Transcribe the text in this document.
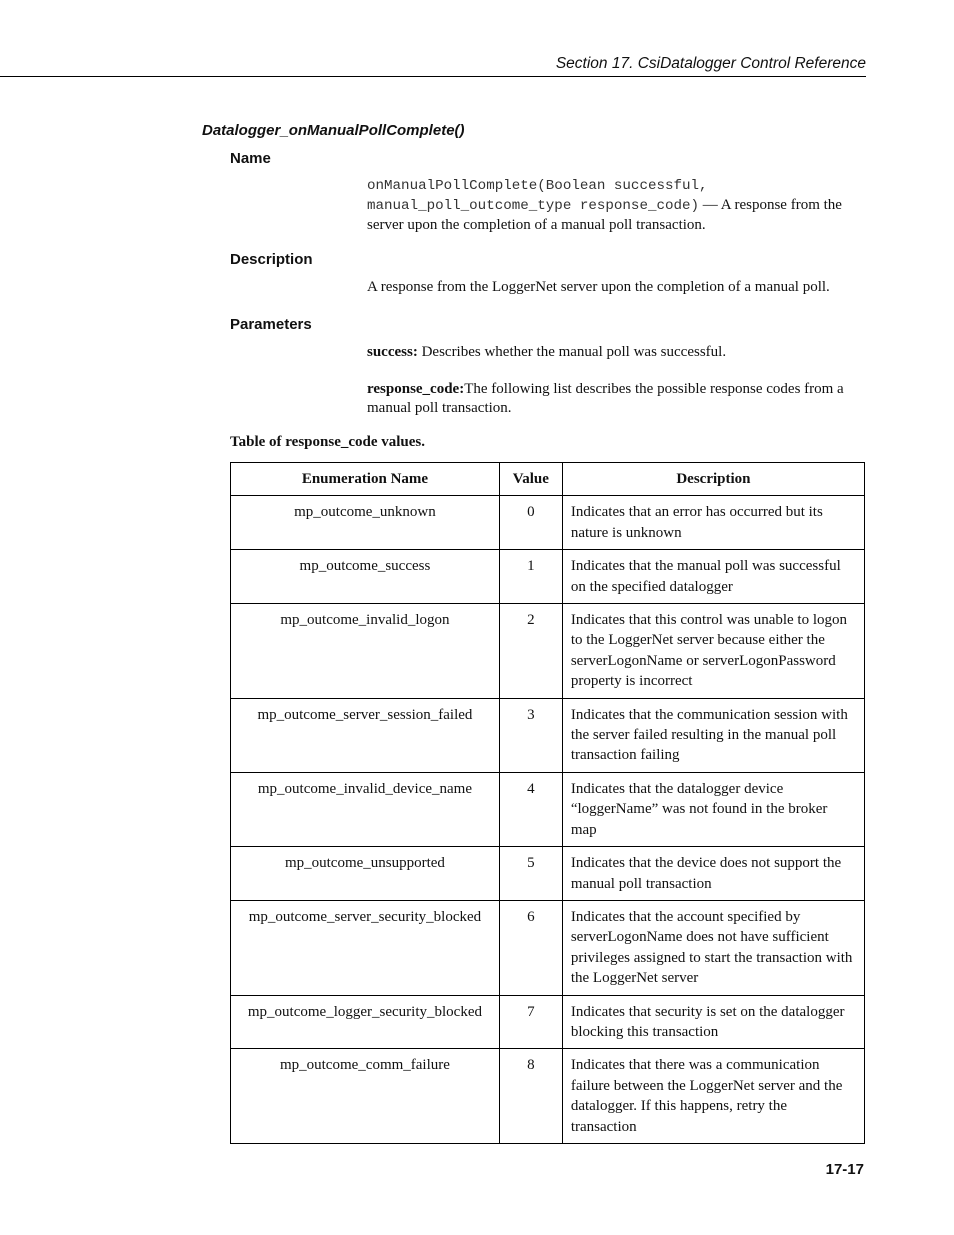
Section 17. CsiDatalogger Control Reference
Datalogger_onManualPollComplete()
Name
onManualPollComplete(Boolean successful,
manual_poll_outcome_type response_code) — A response from the server upon the completion of a manual poll transaction.
Description
A response from the LoggerNet server upon the completion of a manual poll.
Parameters
success: Describes whether the manual poll was successful.
response_code:The following list describes the possible response codes from a manual poll transaction.
Table of response_code values.
Enumeration Name	Value	Description
mp_outcome_unknown	0	Indicates that an error has occurred but its nature is unknown
mp_outcome_success	1	Indicates that the manual poll was successful on the specified datalogger
mp_outcome_invalid_logon	2	Indicates that this control was unable to logon to the LoggerNet server because either the serverLogonName or serverLogonPassword property is incorrect
mp_outcome_server_session_failed	3	Indicates that the communication session with the server failed resulting in the manual poll transaction failing
mp_outcome_invalid_device_name	4	Indicates that the datalogger device “loggerName” was not found in the broker map
mp_outcome_unsupported	5	Indicates that the device does not support the manual poll transaction
mp_outcome_server_security_blocked	6	Indicates that the account specified by serverLogonName does not have sufficient privileges assigned to start the transaction with the LoggerNet server
mp_outcome_logger_security_blocked	7	Indicates that security is set on the datalogger blocking this transaction
mp_outcome_comm_failure	8	Indicates that there was a communication failure between the LoggerNet server and the datalogger. If this happens, retry the transaction
17-17
